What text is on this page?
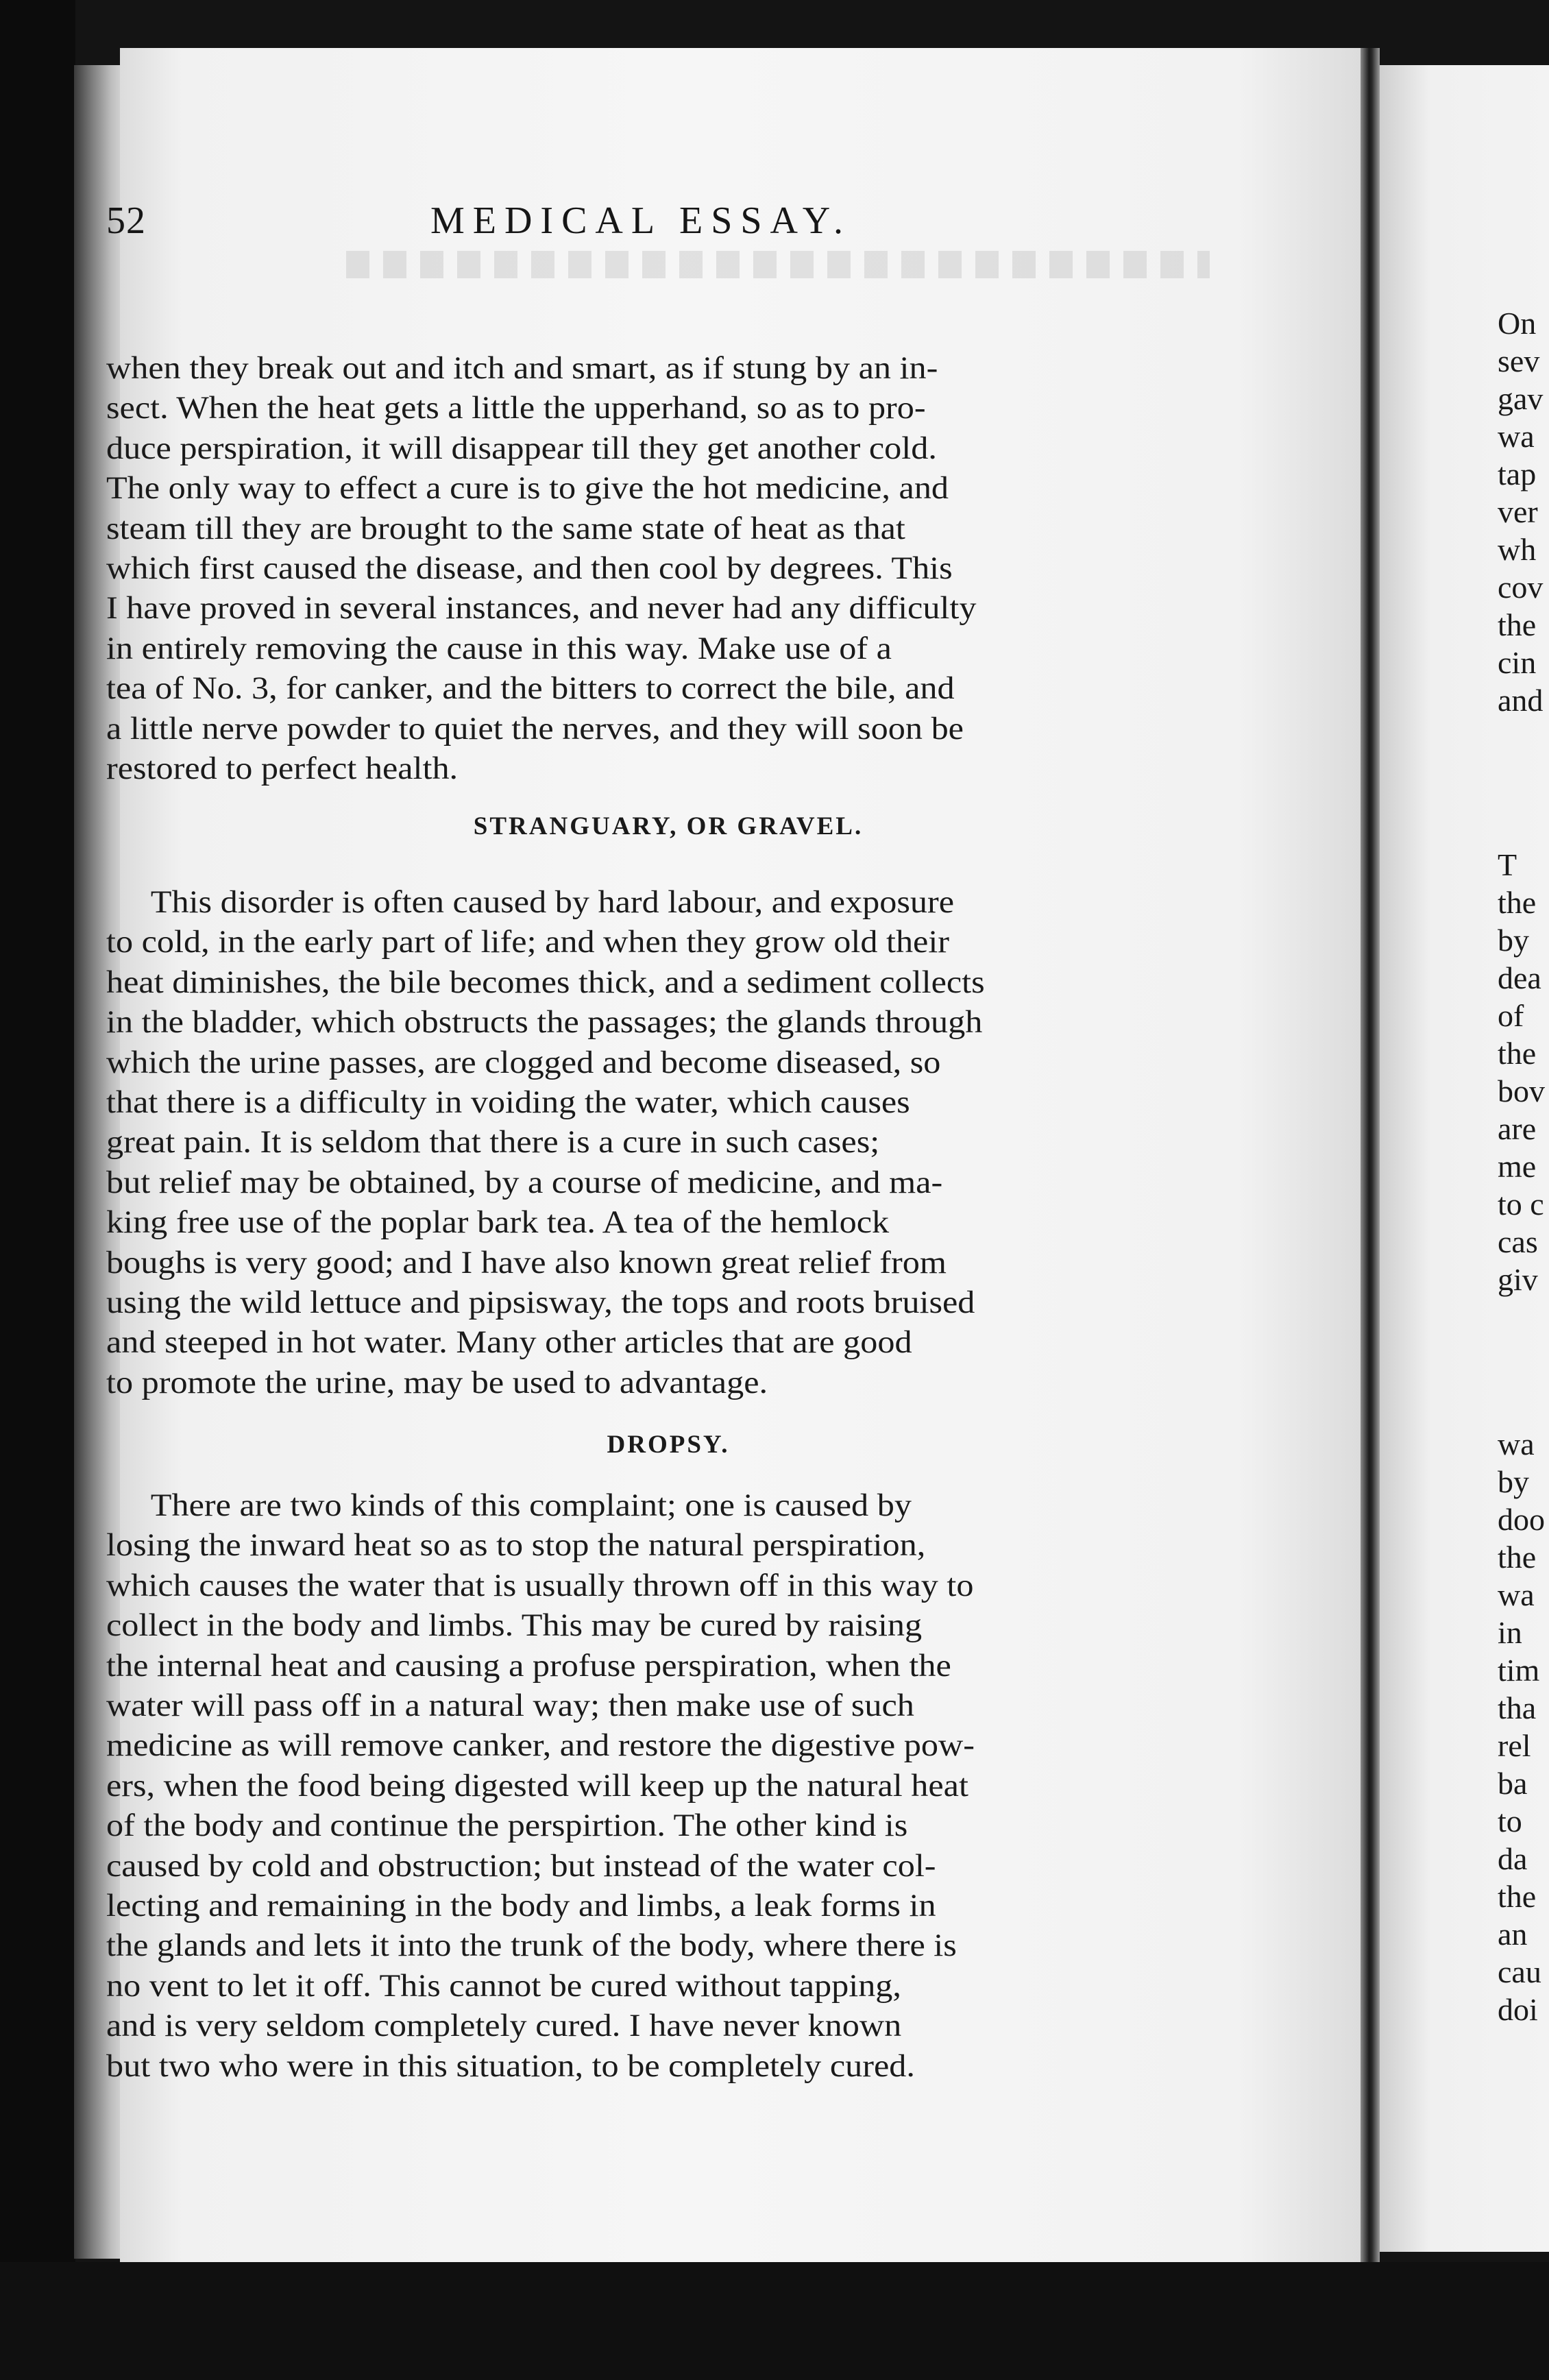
On
sev
gav
wa
tap
ver
wh
cov
the
cin
and
T
the
by
dea
of
the
bov
are
me
to c
cas
giv
wa
by
doo
the
wa
in
tim
tha
rel
ba
to
da
the
an
cau
doi
52	MEDICAL ESSAY.
when they break out and itch and smart, as if stung by an in-
sect. When the heat gets a little the upperhand, so as to pro-
duce perspiration, it will disappear till they get another cold.
The only way to effect a cure is to give the hot medicine, and
steam till they are brought to the same state of heat as that
which first caused the disease, and then cool by degrees. This
I have proved in several instances, and never had any difficulty
in entirely removing the cause in this way. Make use of a
tea of No. 3, for canker, and the bitters to correct the bile, and
a little nerve powder to quiet the nerves, and they will soon be
restored to perfect health.
STRANGUARY, OR GRAVEL.
This disorder is often caused by hard labour, and exposure
to cold, in the early part of life; and when they grow old their
heat diminishes, the bile becomes thick, and a sediment collects
in the bladder, which obstructs the passages; the glands through
which the urine passes, are clogged and become diseased, so
that there is a difficulty in voiding the water, which causes
great pain. It is seldom that there is a cure in such cases;
but relief may be obtained, by a course of medicine, and ma-
king free use of the poplar bark tea. A tea of the hemlock
boughs is very good; and I have also known great relief from
using the wild lettuce and pipsisway, the tops and roots bruised
and steeped in hot water. Many other articles that are good
to promote the urine, may be used to advantage.
DROPSY.
There are two kinds of this complaint; one is caused by
losing the inward heat so as to stop the natural perspiration,
which causes the water that is usually thrown off in this way to
collect in the body and limbs. This may be cured by raising
the internal heat and causing a profuse perspiration, when the
water will pass off in a natural way; then make use of such
medicine as will remove canker, and restore the digestive pow-
ers, when the food being digested will keep up the natural heat
of the body and continue the perspirtion. The other kind is
caused by cold and obstruction; but instead of the water col-
lecting and remaining in the body and limbs, a leak forms in
the glands and lets it into the trunk of the body, where there is
no vent to let it off. This cannot be cured without tapping,
and is very seldom completely cured. I have never known
but two who were in this situation, to be completely cured.
